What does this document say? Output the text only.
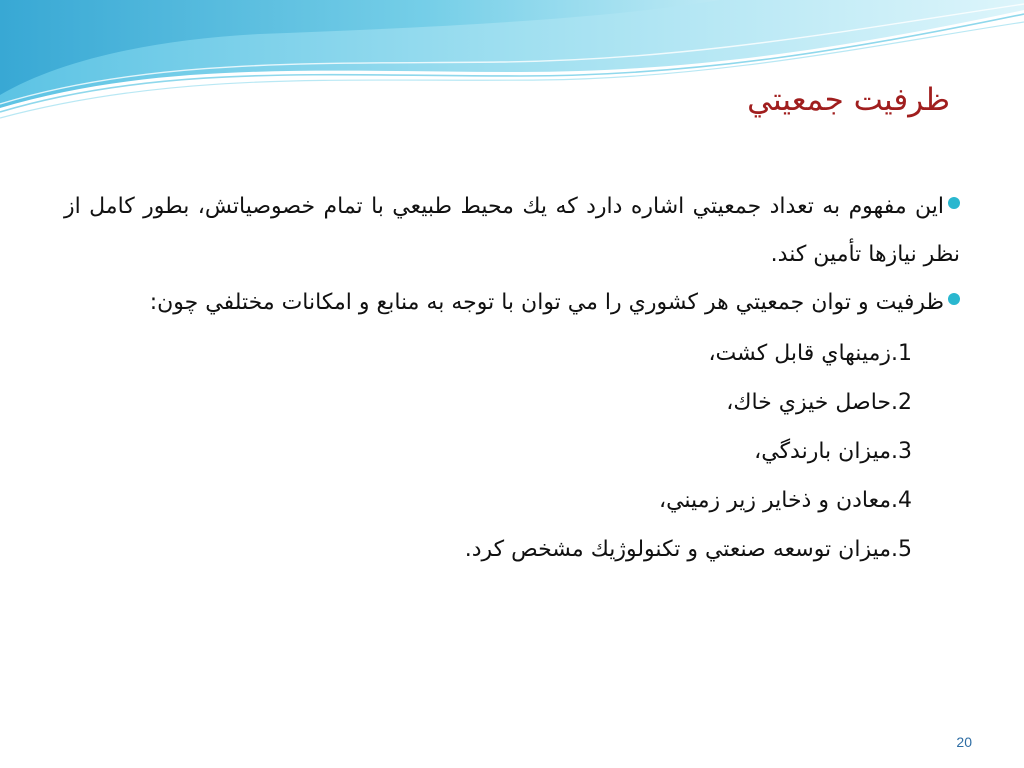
ظرفيت جمعيتي

اين مفهوم به تعداد جمعيتي اشاره دارد كه يك محيط طبيعي با تمام خصوصياتش، بطور كامل از نظر نيازها تأمين كند.

ظرفيت و توان جمعيتي هر كشوري را مي توان با توجه به منابع و امكانات مختلفي چون:

1.زمينهاي قابل كشت،
2.حاصل خيزي خاك،
3.ميزان بارندگي،
4.معادن و ذخاير زير زميني،
5.ميزان توسعه صنعتي و تكنولوژيك مشخص كرد.
20
